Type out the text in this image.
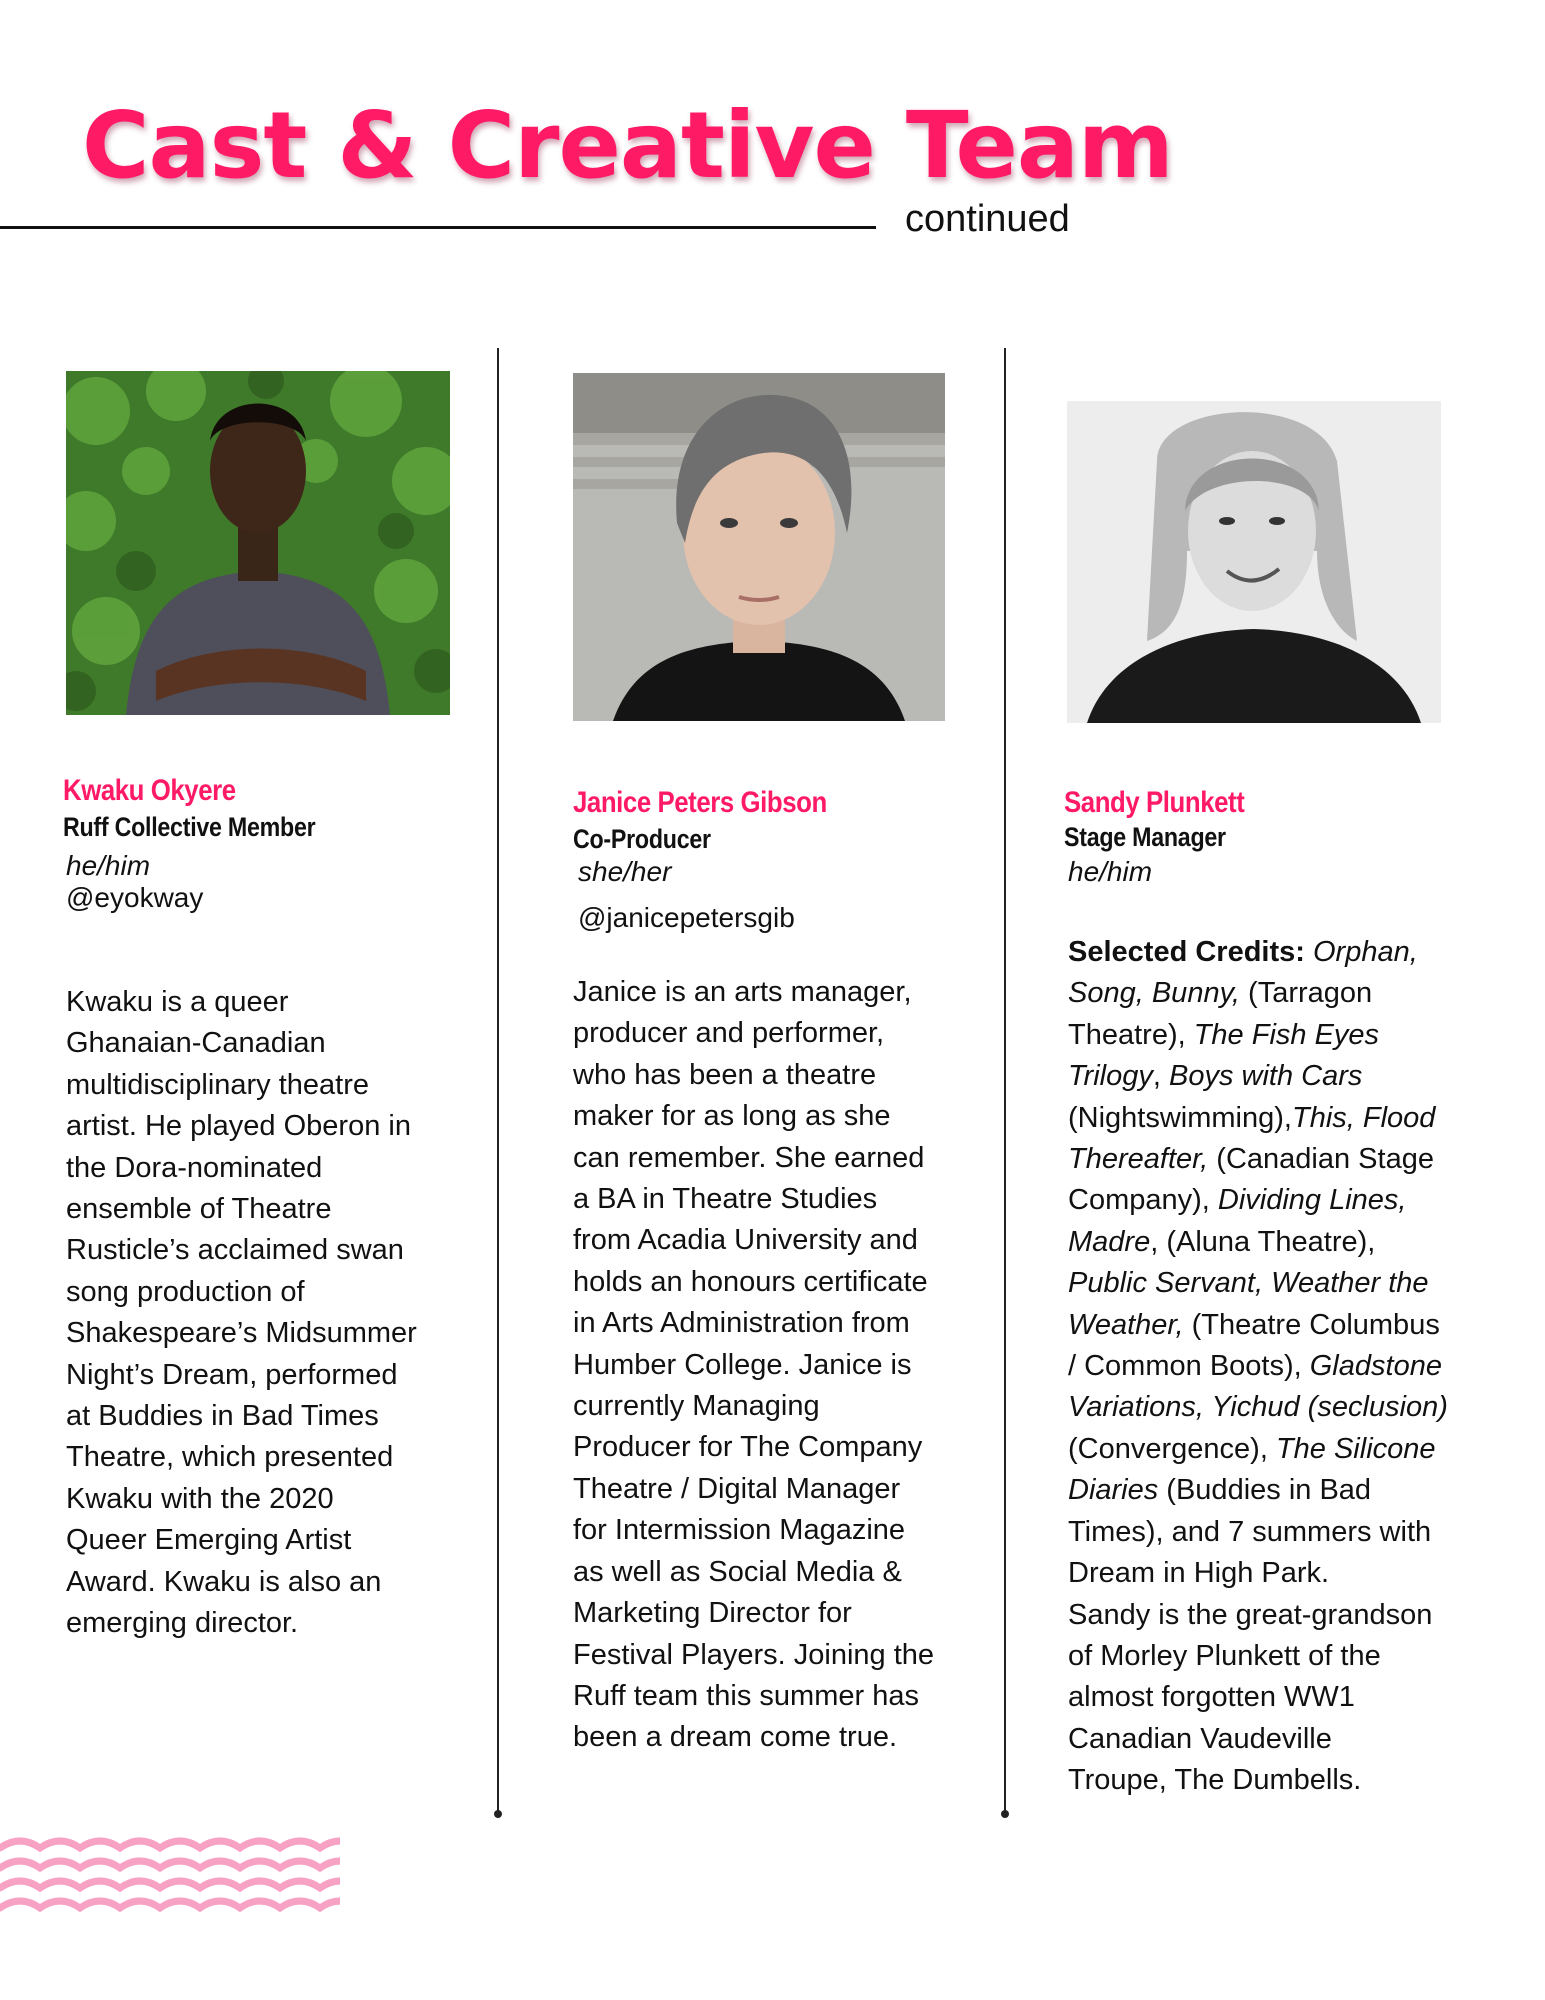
Cast & Creative Team
continued
Kwaku Okyere
Ruff Collective Member
he/him
@eyokway
Kwaku is a queer
Ghanaian-Canadian
multidisciplinary theatre
artist. He played Oberon in
the Dora-nominated
ensemble of Theatre
Rusticle’s acclaimed swan
song production of
Shakespeare’s Midsummer
Night’s Dream, performed
at Buddies in Bad Times
Theatre, which presented
Kwaku with the 2020
Queer Emerging Artist
Award. Kwaku is also an
emerging director.
Janice Peters Gibson
Co-Producer
she/her
@janicepetersgib
Janice is an arts manager,
producer and performer,
who has been a theatre
maker for as long as she
can remember. She earned
a BA in Theatre Studies
from Acadia University and
holds an honours certificate
in Arts Administration from
Humber College. Janice is
currently Managing
Producer for The Company
Theatre / Digital Manager
for Intermission Magazine
as well as Social Media &
Marketing Director for
Festival Players. Joining the
Ruff team this summer has
been a dream come true.
Sandy Plunkett
Stage Manager
he/him
Selected Credits: Orphan,
Song, Bunny, (Tarragon
Theatre), The Fish Eyes
Trilogy, Boys with Cars
(Nightswimming),This, Flood
Thereafter, (Canadian Stage
Company), Dividing Lines,
Madre, (Aluna Theatre),
Public Servant, Weather the
Weather, (Theatre Columbus
/ Common Boots), Gladstone
Variations, Yichud (seclusion)
(Convergence), The Silicone
Diaries (Buddies in Bad
Times), and 7 summers with
Dream in High Park.
Sandy is the great-grandson
of Morley Plunkett of the
almost forgotten WW1
Canadian Vaudeville
Troupe, The Dumbells.
